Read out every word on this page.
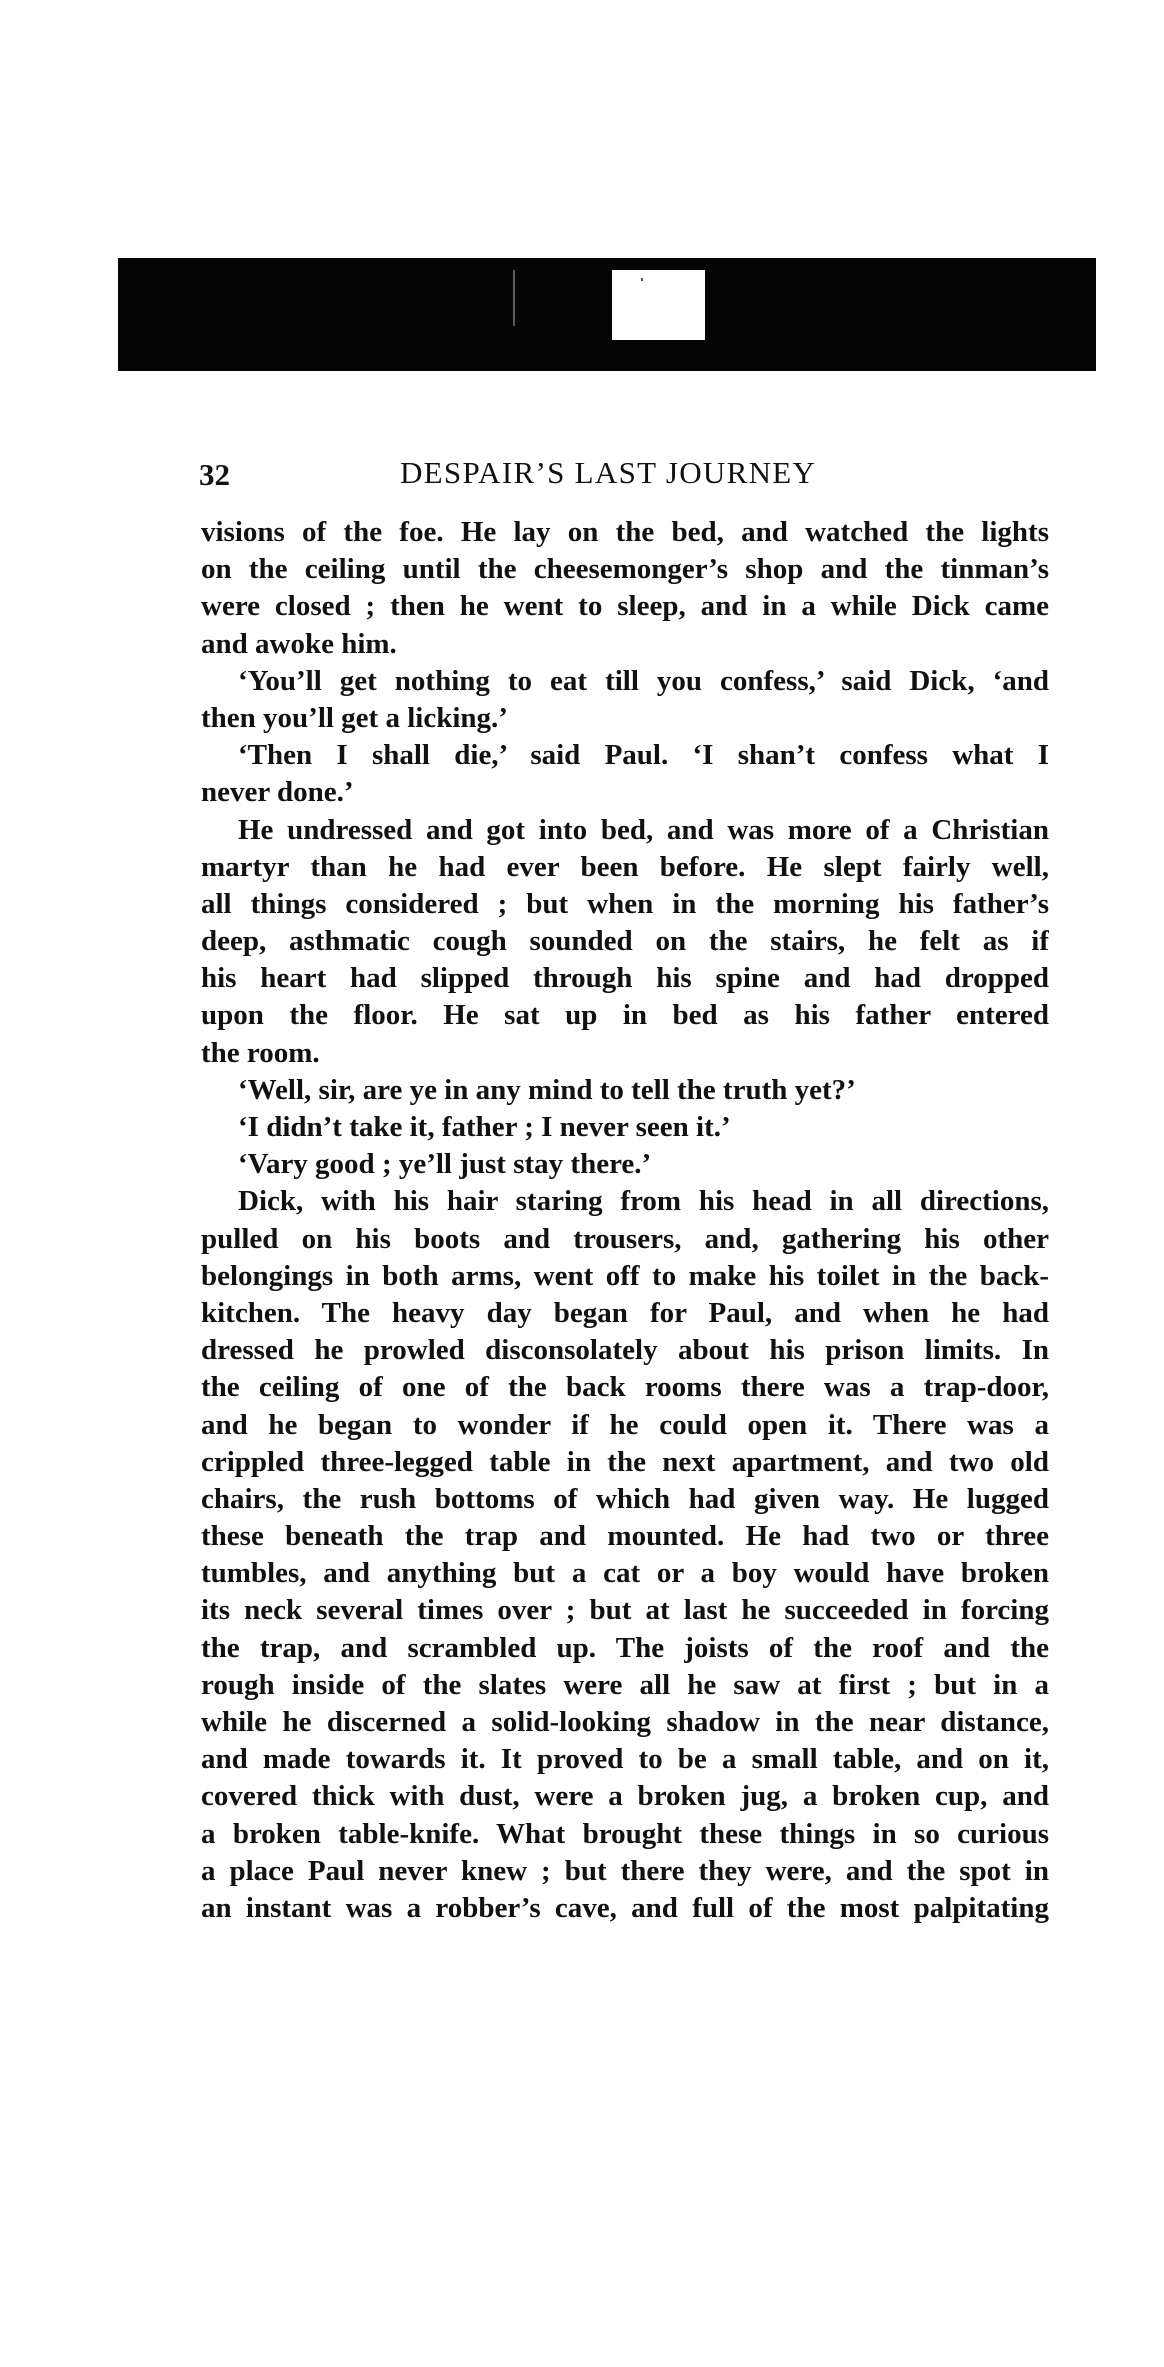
32	DESPAIR’S LAST JOURNEY
visions of the foe. He lay on the bed, and watched the lights
on the ceiling until the cheesemonger’s shop and the tinman’s
were closed ; then he went to sleep, and in a while Dick came
and awoke him.
‘You’ll get nothing to eat till you confess,’ said Dick, ‘and
then you’ll get a licking.’
‘Then I shall die,’ said Paul. ‘I shan’t confess what I
never done.’
He undressed and got into bed, and was more of a Christian
martyr than he had ever been before. He slept fairly well,
all things considered ; but when in the morning his father’s
deep, asthmatic cough sounded on the stairs, he felt as if
his heart had slipped through his spine and had dropped
upon the floor. He sat up in bed as his father entered
the room.
‘Well, sir, are ye in any mind to tell the truth yet?’
‘I didn’t take it, father ; I never seen it.’
‘Vary good ; ye’ll just stay there.’
Dick, with his hair staring from his head in all directions,
pulled on his boots and trousers, and, gathering his other
belongings in both arms, went off to make his toilet in the back-
kitchen. The heavy day began for Paul, and when he had
dressed he prowled disconsolately about his prison limits. In
the ceiling of one of the back rooms there was a trap-door,
and he began to wonder if he could open it. There was a
crippled three-legged table in the next apartment, and two old
chairs, the rush bottoms of which had given way. He lugged
these beneath the trap and mounted. He had two or three
tumbles, and anything but a cat or a boy would have broken
its neck several times over ; but at last he succeeded in forcing
the trap, and scrambled up. The joists of the roof and the
rough inside of the slates were all he saw at first ; but in a
while he discerned a solid-looking shadow in the near distance,
and made towards it. It proved to be a small table, and on it,
covered thick with dust, were a broken jug, a broken cup, and
a broken table-knife. What brought these things in so curious
a place Paul never knew ; but there they were, and the spot in
an instant was a robber’s cave, and full of the most palpitating
